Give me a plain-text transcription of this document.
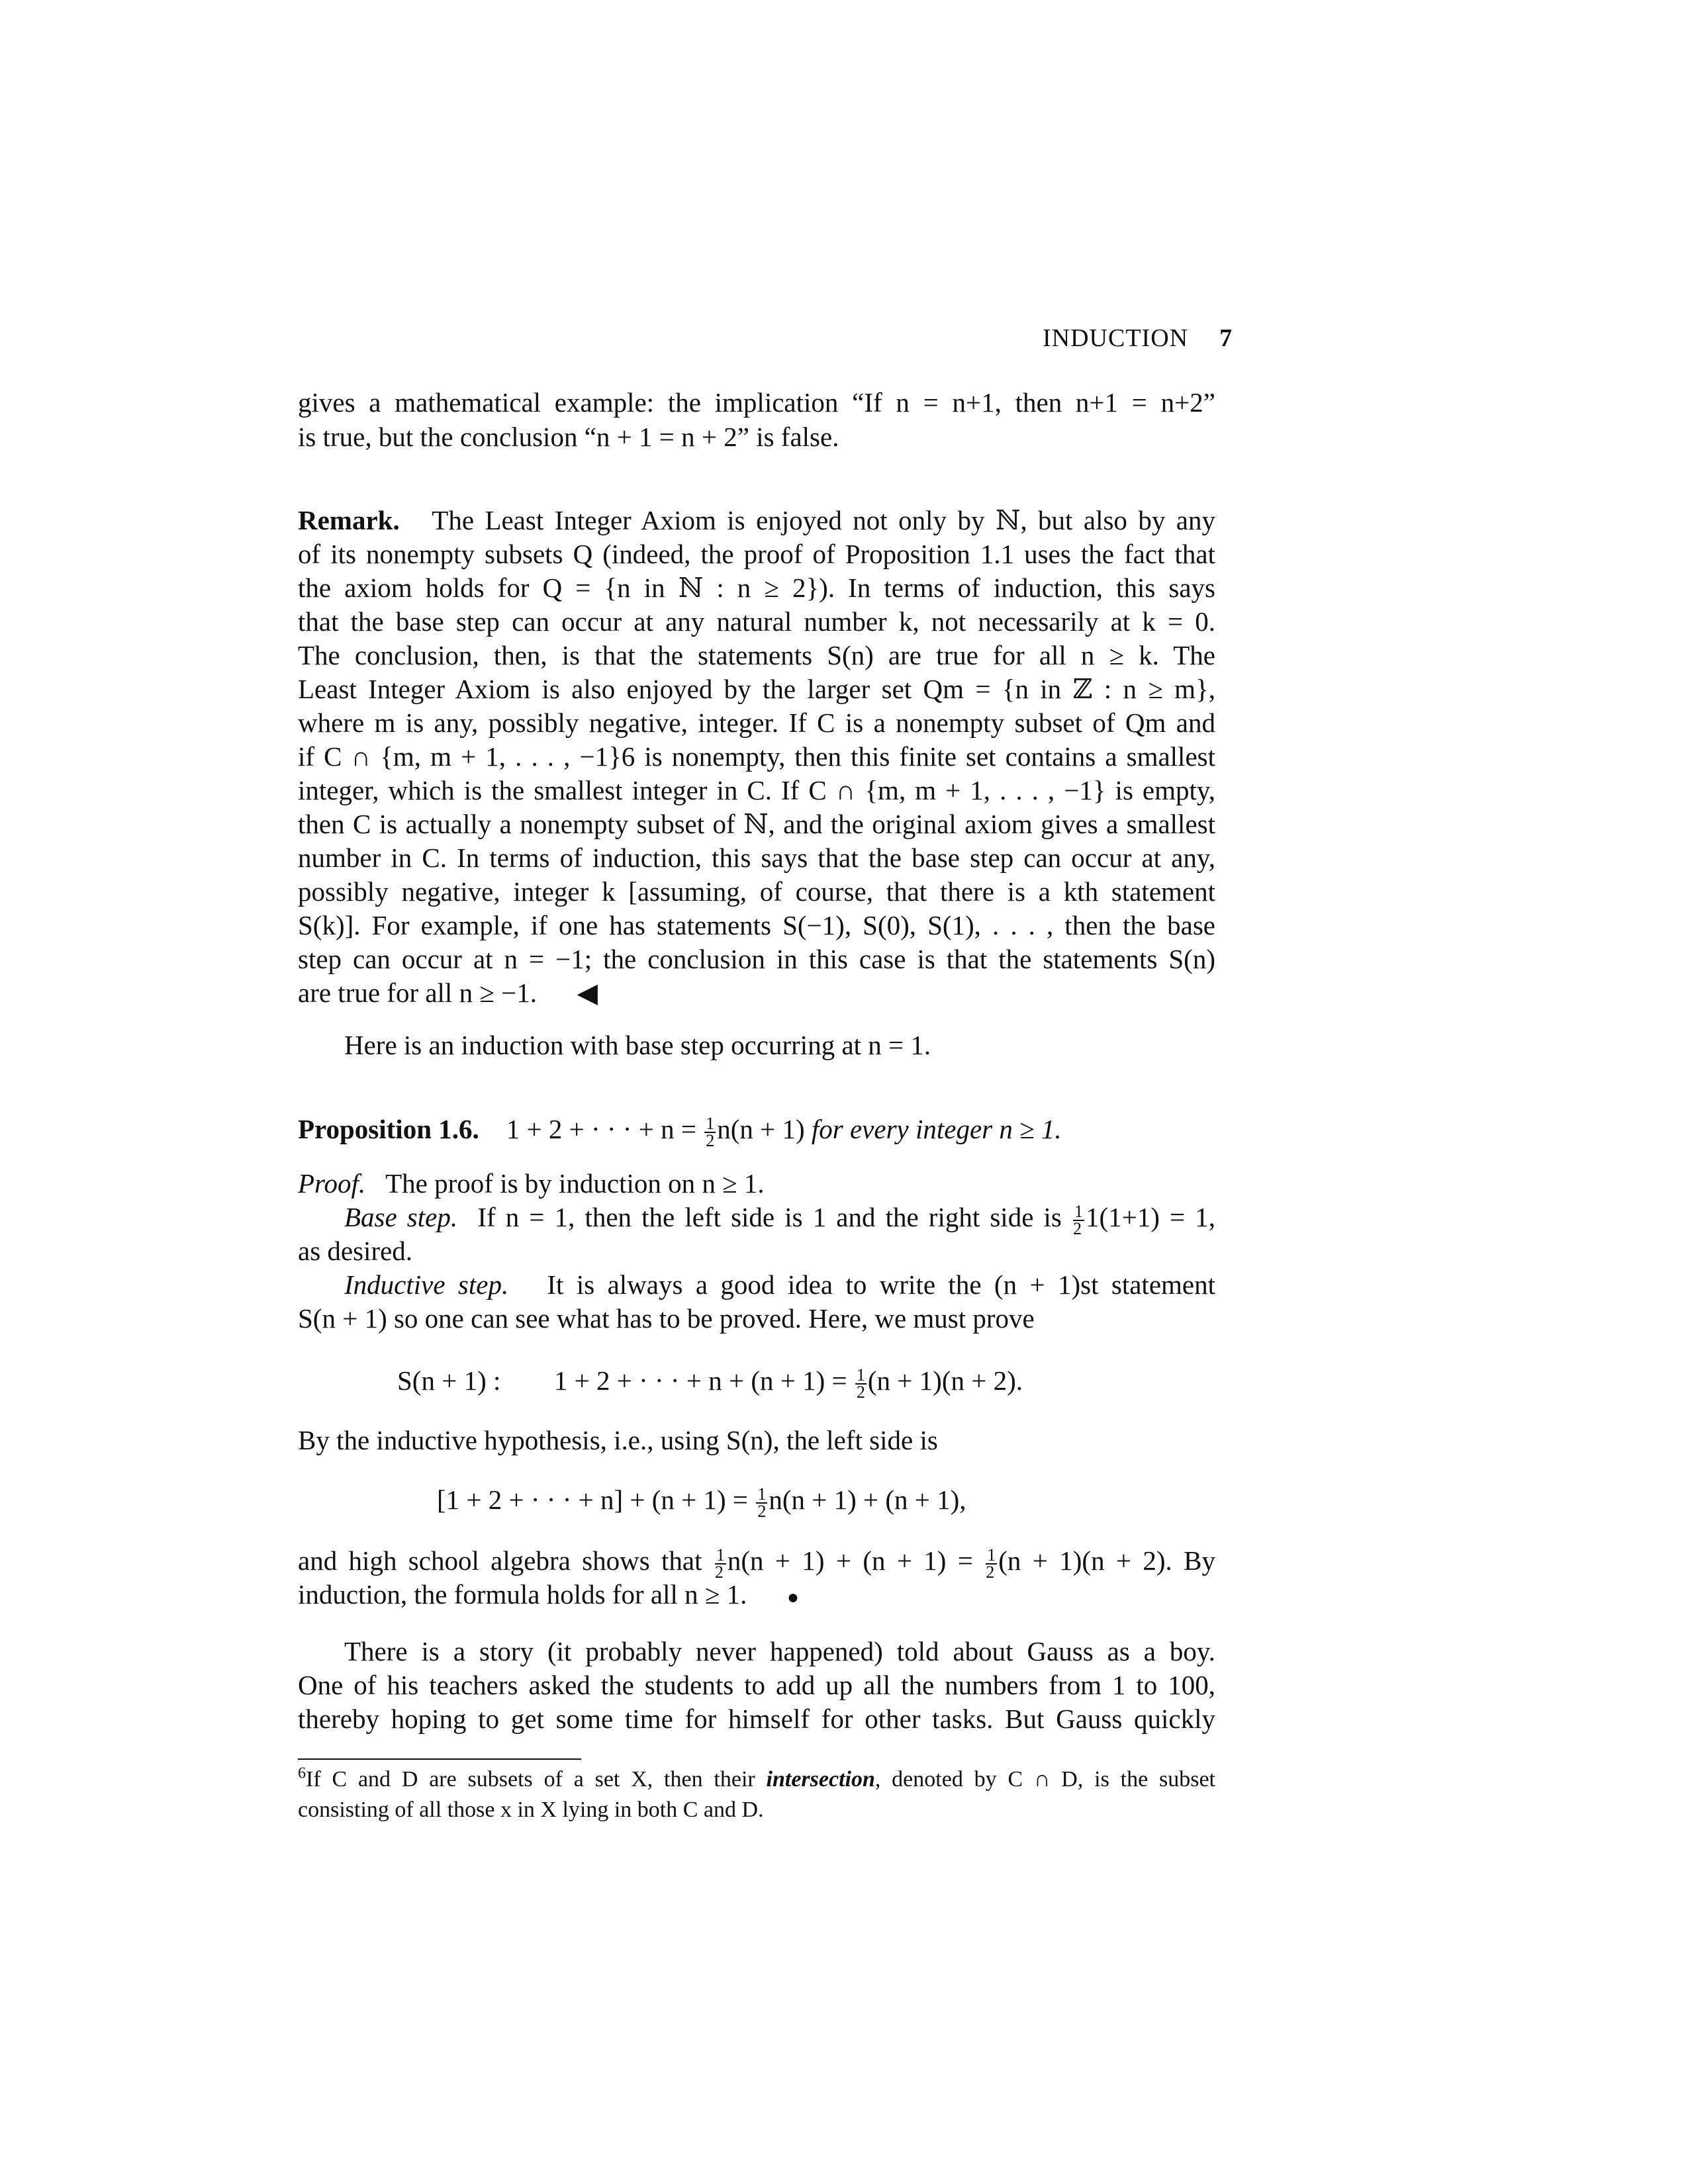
INDUCTION 7
gives a mathematical example: the implication “If n = n+1, then n+1 = n+2”
is true, but the conclusion “n + 1 = n + 2” is false.
Remark. The Least Integer Axiom is enjoyed not only by ℕ, but also by any
of its nonempty subsets Q (indeed, the proof of Proposition 1.1 uses the fact that
the axiom holds for Q = {n in ℕ : n ≥ 2}). In terms of induction, this says
that the base step can occur at any natural number k, not necessarily at k = 0.
The conclusion, then, is that the statements S(n) are true for all n ≥ k. The
Least Integer Axiom is also enjoyed by the larger set Qm = {n in ℤ : n ≥ m},
where m is any, possibly negative, integer. If C is a nonempty subset of Qm and
if C ∩ {m, m + 1, . . . , −1}6 is nonempty, then this finite set contains a smallest
integer, which is the smallest integer in C. If C ∩ {m, m + 1, . . . , −1} is empty,
then C is actually a nonempty subset of ℕ, and the original axiom gives a smallest
number in C. In terms of induction, this says that the base step can occur at any,
possibly negative, integer k [assuming, of course, that there is a kth statement
S(k)]. For example, if one has statements S(−1), S(0), S(1), . . . , then the base
step can occur at n = −1; the conclusion in this case is that the statements S(n)
are true for all n ≥ −1. ◀
Here is an induction with base step occurring at n = 1.
Proposition 1.6. 1 + 2 + · · · + $n = \frac{1}{2} n(n + 1)$ for every integer n ≥ 1.
Proof. The proof is by induction on n ≥ 1.
Base step. If n = 1, then the left side is 1 and the right side is $\frac{1}{2} 1(1+1) = 1$,
as desired.
Inductive step. It is always a good idea to write the (n + 1)st statement
S(n + 1) so one can see what has to be proved. Here, we must prove
S(n + 1) : 1 + 2 + · · · + $n + (n + 1) = \frac{1}{2} (n + 1)(n + 2)$.
By the inductive hypothesis, i.e., using S(n), the left side is
[1 + 2 + · · · + $n] + (n + 1) = \frac{1}{2} n(n + 1) + (n + 1)$,
and high school algebra shows that $\frac{1}{2} n(n + 1) + (n + 1) = \frac{1}{2} (n + 1)(n + 2)$. By
induction, the formula holds for all n ≥ 1. ●
There is a story (it probably never happened) told about Gauss as a boy.
One of his teachers asked the students to add up all the numbers from 1 to 100,
thereby hoping to get some time for himself for other tasks. But Gauss quickly
$^6$If C and D are subsets of a set X, then their intersection, denoted by C ∩ D, is the subset
consisting of all those x in X lying in both C and D.
